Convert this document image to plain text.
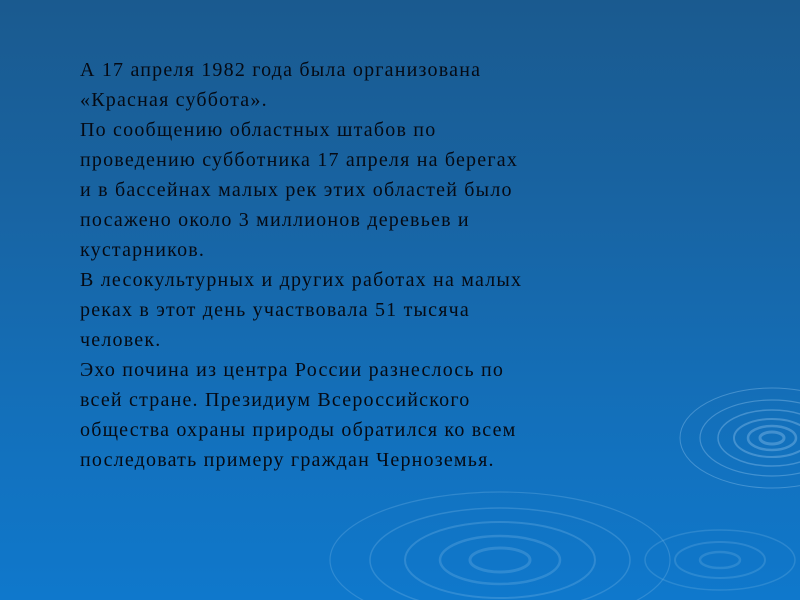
А 17 апреля 1982 года была организована
«Красная суббота».
По сообщению областных штабов по
проведению субботника 17 апреля на берегах
и в бассейнах малых рек этих областей было
посажено около 3 миллионов деревьев и
кустарников.
В лесокультурных и других работах на малых
реках в этот день участвовала 51 тысяча
человек.
Эхо почина из центра России разнеслось по
всей стране. Президиум Всероссийского
общества охраны природы обратился ко всем
последовать примеру граждан Черноземья.
